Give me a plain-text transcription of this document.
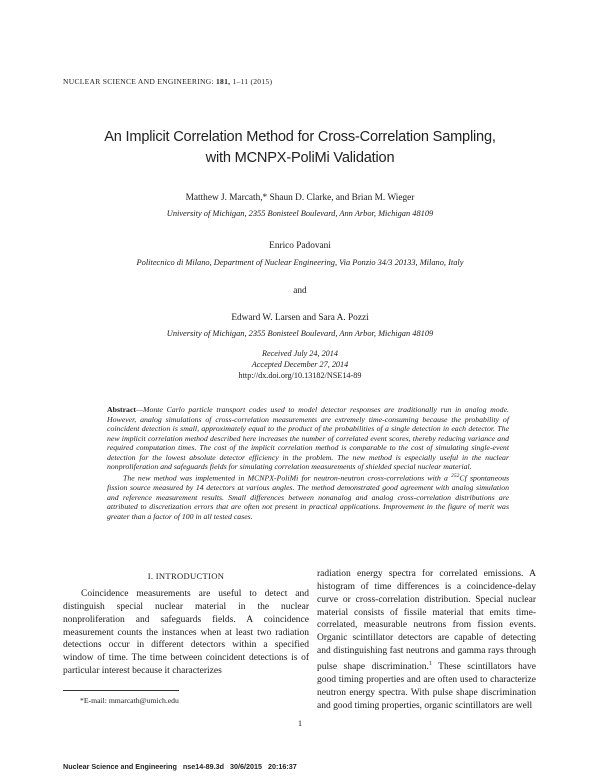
NUCLEAR SCIENCE AND ENGINEERING: 181, 1–11 (2015)
An Implicit Correlation Method for Cross-Correlation Sampling,
with MCNPX-PoliMi Validation
Matthew J. Marcath,* Shaun D. Clarke, and Brian M. Wieger
University of Michigan, 2355 Bonisteel Boulevard, Ann Arbor, Michigan 48109
Enrico Padovani
Politecnico di Milano, Department of Nuclear Engineering, Via Ponzio 34/3 20133, Milano, Italy
and
Edward W. Larsen and Sara A. Pozzi
University of Michigan, 2355 Bonisteel Boulevard, Ann Arbor, Michigan 48109
Received July 24, 2014
Accepted December 27, 2014
http://dx.doi.org/10.13182/NSE14-89

Abstract—Monte Carlo particle transport codes used to model detector responses are traditionally run in analog mode. However, analog simulations of cross-correlation measurements are extremely time-consuming because the probability of coincident detection is small, approximately equal to the product of the probabilities of a single detection in each detector. The new implicit correlation method described here increases the number of correlated event scores, thereby reducing variance and required computation times. The cost of the implicit correlation method is comparable to the cost of simulating single-event detection for the lowest absolute detector efficiency in the problem. The new method is especially useful in the nuclear nonproliferation and safeguards fields for simulating correlation measurements of shielded special nuclear material.

The new method was implemented in MCNPX-PoliMi for neutron-neutron cross-correlations with a $^{252}$Cf spontaneous fission source measured by 14 detectors at various angles. The method demonstrated good agreement with analog simulation and reference measurement results. Small differences between nonanalog and analog cross-correlation distributions are attributed to discretization errors that are often not present in practical applications. Improvement in the figure of merit was greater than a factor of 100 in all tested cases.

I. INTRODUCTION

Coincidence measurements are useful to detect and distinguish special nuclear material in the nuclear nonproliferation and safeguards fields. A coincidence measurement counts the instances when at least two radiation detections occur in different detectors within a specified window of time. The time between coincident detections is of particular interest because it characterizes

radiation energy spectra for correlated emissions. A histogram of time differences is a coincidence-delay curve or cross-correlation distribution. Special nuclear material consists of fissile material that emits time-correlated, measurable neutrons from fission events. Organic scintillator detectors are capable of detecting and distinguishing fast neutrons and gamma rays through pulse shape discrimination.$^1$ These scintillators have good timing properties and are often used to characterize neutron energy spectra. With pulse shape discrimination and good timing properties, organic scintillators are well

*E-mail: mmarcath@umich.edu
1
Nuclear Science and Engineering nse14-89.3d 30/6/2015 20:16:37
